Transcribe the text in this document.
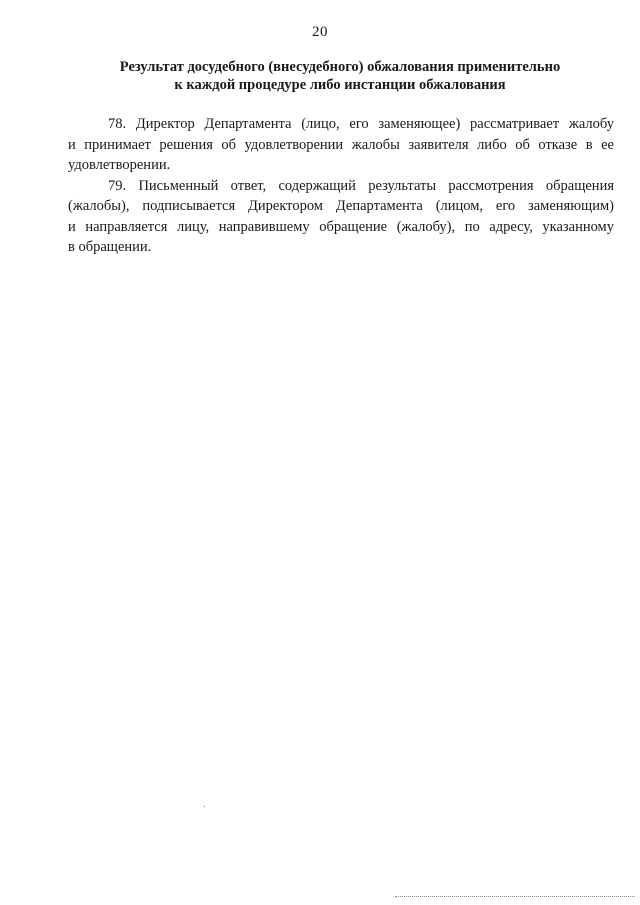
20
Результат досудебного (внесудебного) обжалования применительно
к каждой процедуре либо инстанции обжалования

78. Директор Департамента (лицо, его заменяющее) рассматривает жалобу
и принимает решения об удовлетворении жалобы заявителя либо об отказе в ее
удовлетворении.

79. Письменный ответ, содержащий результаты рассмотрения обращения
(жалобы), подписывается Директором Департамента (лицом, его заменяющим)
и направляется лицу, направившему обращение (жалобу), по адресу, указанному
в обращении.
